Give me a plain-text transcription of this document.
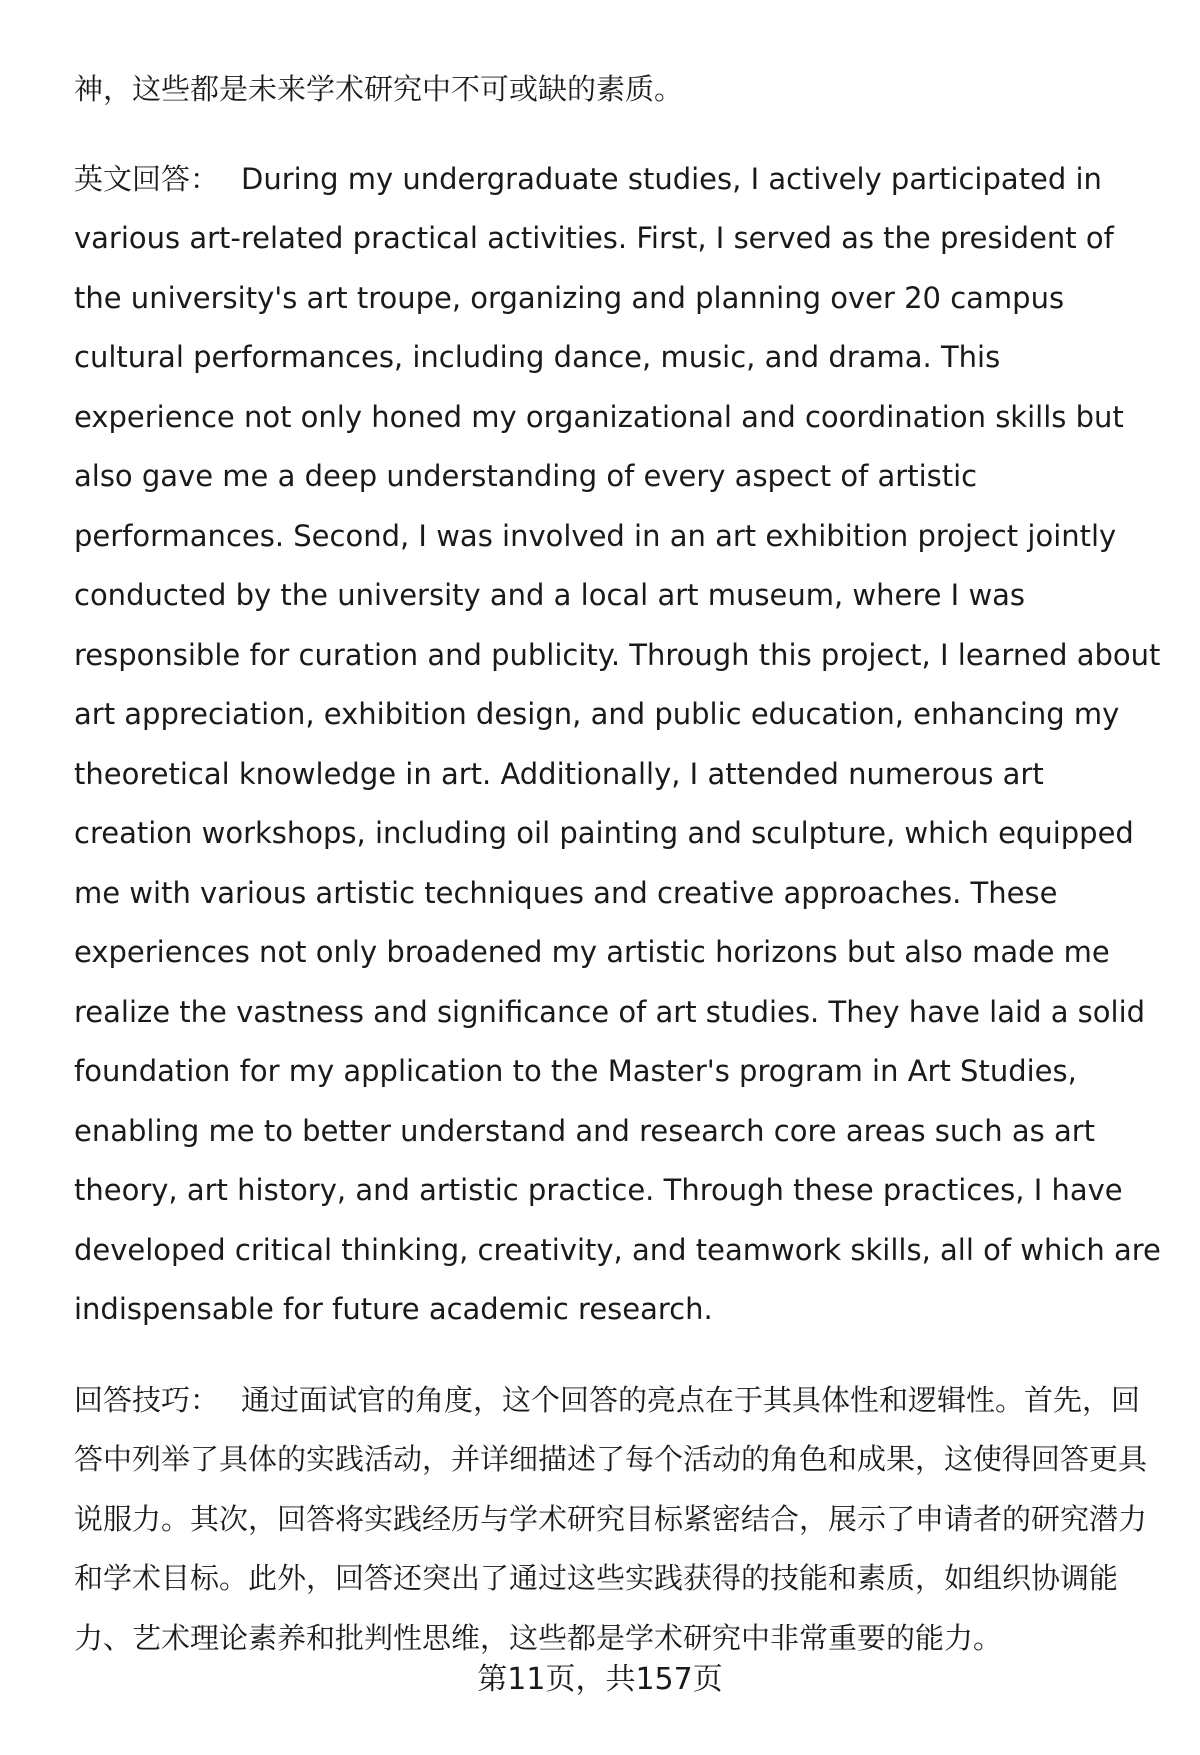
神，这些都是未来学术研究中不可或缺的素质。

英文回答： During my undergraduate studies, I actively participated in various art-related practical activities. First, I served as the president of the university's art troupe, organizing and planning over 20 campus cultural performances, including dance, music, and drama. This experience not only honed my organizational and coordination skills but also gave me a deep understanding of every aspect of artistic performances. Second, I was involved in an art exhibition project jointly conducted by the university and a local art museum, where I was responsible for curation and publicity. Through this project, I learned about art appreciation, exhibition design, and public education, enhancing my theoretical knowledge in art. Additionally, I attended numerous art creation workshops, including oil painting and sculpture, which equipped me with various artistic techniques and creative approaches. These experiences not only broadened my artistic horizons but also made me realize the vastness and significance of art studies. They have laid a solid foundation for my application to the Master's program in Art Studies, enabling me to better understand and research core areas such as art theory, art history, and artistic practice. Through these practices, I have developed critical thinking, creativity, and teamwork skills, all of which are indispensable for future academic research.

回答技巧： 通过面试官的角度，这个回答的亮点在于其具体性和逻辑性。首先，回答中列举了具体的实践活动，并详细描述了每个活动的角色和成果，这使得回答更具说服力。其次，回答将实践经历与学术研究目标紧密结合，展示了申请者的研究潜力和学术目标。此外，回答还突出了通过这些实践获得的技能和素质，如组织协调能力、艺术理论素养和批判性思维，这些都是学术研究中非常重要的能力。

第11页，共157页
